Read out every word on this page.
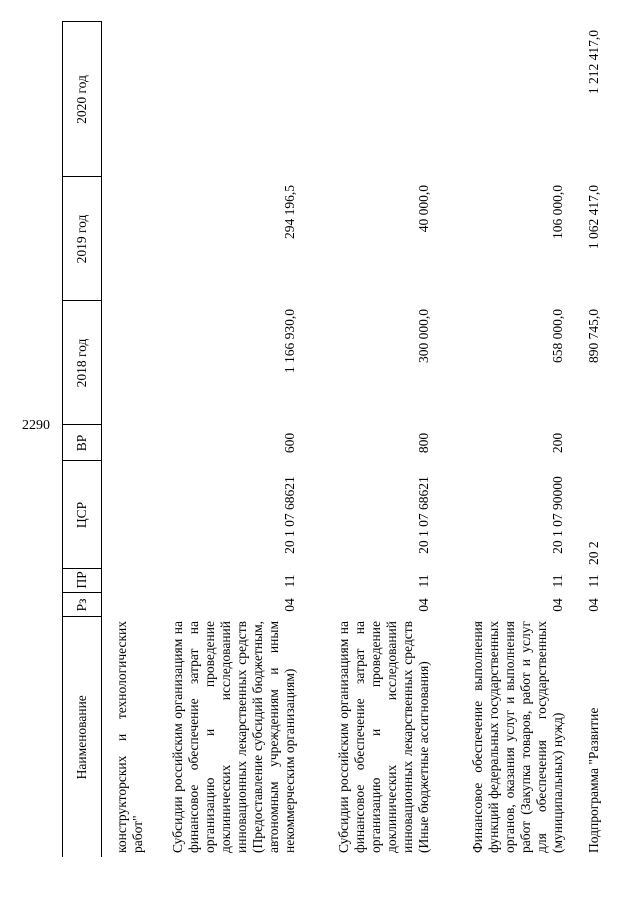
2290
Наименование	Рз	ПР	ЦСР	ВР	2018 год	2019 год	2020 год
конструкторских и технологических работ"							
Субсидии российским организациям на финансовое обеспечение затрат на организацию и проведение доклинических исследований инновационных лекарственных средств (Предоставление субсидий бюджетным, автономным учреждениям и иным некоммерческим организациям)	04	11	20 1 07 68621	600	1 166 930,0	294 196,5	
Субсидии российским организациям на финансовое обеспечение затрат на организацию и проведение доклинических исследований инновационных лекарственных средств (Иные бюджетные ассигнования)	04	11	20 1 07 68621	800	300 000,0	40 000,0	
Финансовое обеспечение выполнения функций федеральных государственных органов, оказания услуг и выполнения работ (Закупка товаров, работ и услуг для обеспечения государственных (муниципальных) нужд)	04	11	20 1 07 90000	200	658 000,0	106 000,0	
Подпрограмма "Развитие	04	11	20 2		890 745,0	1 062 417,0	1 212 417,0
